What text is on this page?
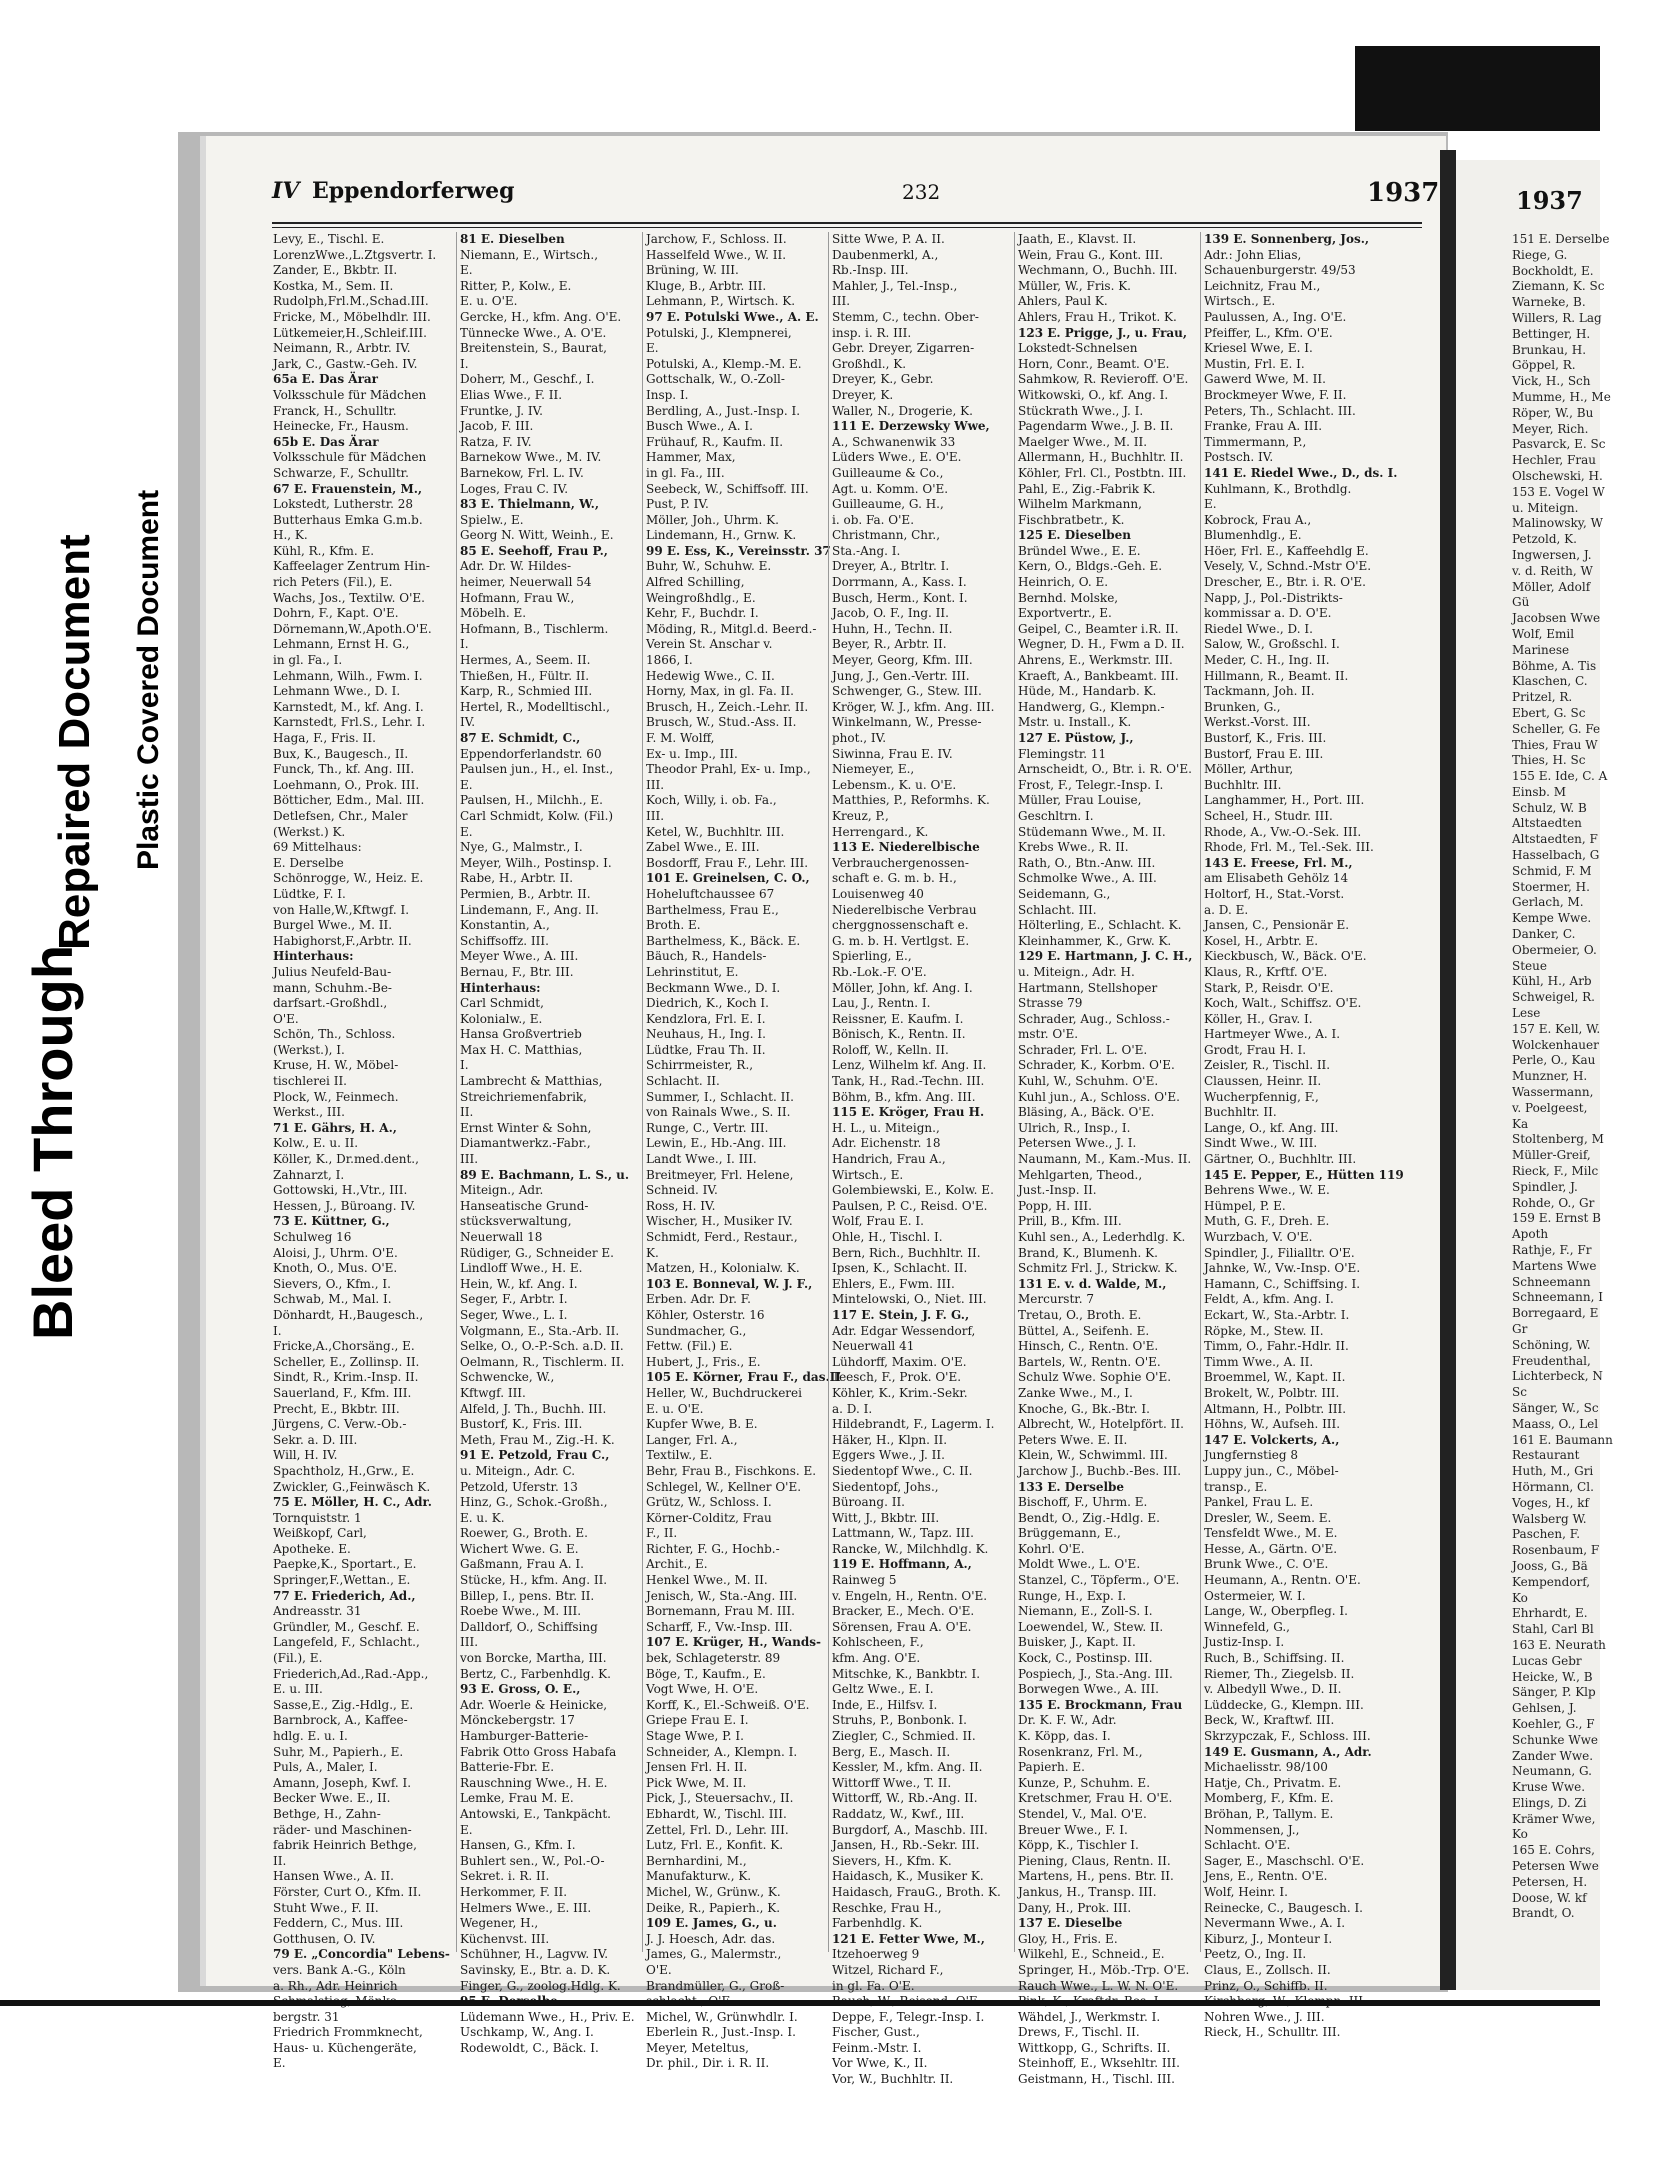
Bleed Through
Repaired Document Plastic Covered Document
IV Eppendorferweg	232	1937
Levy, E., Tischl. E.
LorenzWwe.,L.Ztgsvertr. I.
Zander, E., Bkbtr. II.
Kostka, M., Sem. II.
Rudolph,Frl.M.,Schad.III.
Fricke, M., Möbelhdlr. III.
Lütkemeier,H.,Schleif.III.
Neimann, R., Arbtr. IV.
Jark, C., Gastw.-Geh. IV.
65a E. Das Ärar
Volksschule für Mädchen
Franck, H., Schulltr.
Heinecke, Fr., Hausm.
65b E. Das Ärar
Volksschule für Mädchen
Schwarze, F., Schulltr.
67 E. Frauenstein, M.,
Lokstedt, Lutherstr. 28
Butterhaus Emka G.m.b.
H., K.
Kühl, R., Kfm. E.
Kaffeelager Zentrum Hin-
rich Peters (Fil.), E.
Wachs, Jos., Textilw. O'E.
Dohrn, F., Kapt. O'E.
Dörnemann,W.,Apoth.O'E.
Lehmann, Ernst H. G.,
in gl. Fa., I.
Lehmann, Wilh., Fwm. I.
Lehmann Wwe., D. I.
Karnstedt, M., kf. Ang. I.
Karnstedt, Frl.S., Lehr. I.
Haga, F., Fris. II.
Bux, K., Baugesch., II.
Funck, Th., kf. Ang. III.
Loehmann, O., Prok. III.
Bötticher, Edm., Mal. III.
Detlefsen, Chr., Maler
(Werkst.) K.
69 Mittelhaus:
E. Derselbe
Schönrogge, W., Heiz. E.
Lüdtke, F. I.
von Halle,W.,Kftwgf. I.
Burgel Wwe., M. II.
Habighorst,F.,Arbtr. II.
Hinterhaus:
Julius Neufeld-Bau-
mann, Schuhm.-Be-
darfsart.-Großhdl.,
O'E.
Schön, Th., Schloss.
(Werkst.), I.
Kruse, H. W., Möbel-
tischlerei II.
Plock, W., Feinmech.
Werkst., III.
71 E. Gährs, H. A.,
Kolw., E. u. II.
Köller, K., Dr.med.dent.,
Zahnarzt, I.
Gottowski, H.,Vtr., III.
Hessen, J., Büroang. IV.
73 E. Küttner, G.,
Schulweg 16
Aloisi, J., Uhrm. O'E.
Knoth, O., Mus. O'E.
Sievers, O., Kfm., I.
Schwab, M., Mal. I.
Dönhardt, H.,Baugesch.,
I.
Fricke,A.,Chorsäng., E.
Scheller, E., Zollinsp. II.
Sindt, R., Krim.-Insp. II.
Sauerland, F., Kfm. III.
Precht, E., Bkbtr. III.
Jürgens, C. Verw.-Ob.-
Sekr. a. D. III.
Will, H. IV.
Spachtholz, H.,Grw., E.
Zwickler, G.,Feinwäsch K.
75 E. Möller, H. C., Adr.
Tornquiststr. 1
Weißkopf, Carl,
Apotheke. E.
Paepke,K., Sportart., E.
Springer,F.,Wettan., E.
77 E. Friederich, Ad.,
Andreasstr. 31
Gründler, M., Geschf. E.
Langefeld, F., Schlacht.,
(Fil.), E.
Friederich,Ad.,Rad.-App.,
E. u. III.
Sasse,E., Zig.-Hdlg., E.
Barnbrock, A., Kaffee-
hdlg. E. u. I.
Suhr, M., Papierh., E.
Puls, A., Maler, I.
Amann, Joseph, Kwf. I.
Becker Wwe. E., II.
Bethge, H., Zahn-
räder- und Maschinen-
fabrik Heinrich Bethge,
II.
Hansen Wwe., A. II.
Förster, Curt O., Kfm. II.
Stuht Wwe., F. II.
Feddern, C., Mus. III.
Gotthusen, O. IV.
79 E. „Concordia" Lebens-
vers. Bank A.-G., Köln
a. Rh., Adr. Heinrich
bergstr. 31
Friedrich Frommknecht,
Haus- u. Küchengeräte,
E.
81 E. Dieselben
Niemann, E., Wirtsch.,
E.
Ritter, P., Kolw., E.
E. u. O'E.
Gercke, H., kfm. Ang. O'E.
Tünnecke Wwe., A. O'E.
Breitenstein, S., Baurat,
I.
Doherr, M., Geschf., I.
Elias Wwe., F. II.
Fruntke, J. IV.
Jacob, F. III.
Ratza, F. IV.
Barnekow Wwe., M. IV.
Barnekow, Frl. L. IV.
Loges, Frau C. IV.
83 E. Thielmann, W.,
Spielw., E.
Georg N. Witt, Weinh., E.
85 E. Seehoff, Frau P.,
Adr. Dr. W. Hildes-
heimer, Neuerwall 54
Hofmann, Frau W.,
Möbelh. E.
Hofmann, B., Tischlerm.
I.
Hermes, A., Seem. II.
Thießen, H., Fültr. II.
Karp, R., Schmied III.
Hertel, R., Modelltischl.,
IV.
87 E. Schmidt, C.,
Eppendorferlandstr. 60
Paulsen jun., H., el. Inst.,
E.
Paulsen, H., Milchh., E.
Carl Schmidt, Kolw. (Fil.)
E.
Nye, G., Malmstr., I.
Meyer, Wilh., Postinsp. I.
Rabe, H., Arbtr. II.
Permien, B., Arbtr. II.
Lindemann, F., Ang. II.
Konstantin, A.,
Schiffsoffz. III.
Meyer Wwe., A. III.
Bernau, F., Btr. III.
Hinterhaus:
Carl Schmidt,
Kolonialw., E.
Hansa Großvertrieb
Max H. C. Matthias,
I.
Lambrecht & Matthias,
Streichriemenfabrik,
II.
Ernst Winter & Sohn,
Diamantwerkz.-Fabr.,
III.
89 E. Bachmann, L. S., u.
Miteign., Adr.
Hanseatische Grund-
stücksverwaltung,
Neuerwall 18
Rüdiger, G., Schneider E.
Lindloff Wwe., H. E.
Hein, W., kf. Ang. I.
Seger, F., Arbtr. I.
Seger, Wwe., L. I.
Volgmann, E., Sta.-Arb. II.
Selke, O., O.-P.-Sch. a.D. II.
Oelmann, R., Tischlerm. II.
Schwencke, W.,
Kftwgf. III.
Alfeld, J. Th., Buchh. III.
Bustorf, K., Fris. III.
Meth, Frau M., Zig.-H. K.
91 E. Petzold, Frau C.,
u. Miteign., Adr. C.
Petzold, Uferstr. 13
Hinz, G., Schok.-Großh.,
E. u. K.
Roewer, G., Broth. E.
Wichert Wwe. G. E.
Gaßmann, Frau A. I.
Stücke, H., kfm. Ang. II.
Billep, I., pens. Btr. II.
Roebe Wwe., M. III.
Dalldorf, O., Schiffsing
III.
von Borcke, Martha, III.
Bertz, C., Farbenhdlg. K.
93 E. Gross, O. E.,
Adr. Woerle & Heinicke,
Mönckebergstr. 17
Hamburger-Batterie-
Fabrik Otto Gross Habafa
Batterie-Fbr. E.
Rauschning Wwe., H. E.
Lemke, Frau M. E.
Antowski, E., Tankpächt.
E.
Hansen, G., Kfm. I.
Buhlert sen., W., Pol.-O-
Sekret. i. R. II.
Herkommer, F. II.
Helmers Wwe., E. III.
Wegener, H.,
Küchenvst. III.
Schühner, H., Lagvw. IV.
Savinsky, E., Btr. a. D. K.
Finger, G., zoolog.Hdlg. K.
Lüdemann Wwe., H., Priv. E.
Uschkamp, W., Ang. I.
Rodewoldt, C., Bäck. I.
Jarchow, F., Schloss. II.
Hasselfeld Wwe., W. II.
Brüning, W. III.
Kluge, B., Arbtr. III.
Lehmann, P., Wirtsch. K.
97 E. Potulski Wwe., A. E.
Potulski, J., Klempnerei,
E.
Potulski, A., Klemp.-M. E.
Gottschalk, W., O.-Zoll-
Insp. I.
Berdling, A., Just.-Insp. I.
Busch Wwe., A. I.
Frühauf, R., Kaufm. II.
Hammer, Max,
in gl. Fa., III.
Seebeck, W., Schiffsoff. III.
Pust, P. IV.
Möller, Joh., Uhrm. K.
Lindemann, H., Grnw. K.
99 E. Ess, K., Vereinsstr. 37
Buhr, W., Schuhw. E.
Alfred Schilling,
Weingroßhdlg., E.
Kehr, F., Buchdr. I.
Möding, R., Mitgl.d. Beerd.-
Verein St. Anschar v.
1866, I.
Hedewig Wwe., C. II.
Horny, Max, in gl. Fa. II.
Brusch, H., Zeich.-Lehr. II.
Brusch, W., Stud.-Ass. II.
F. M. Wolff,
Ex- u. Imp., III.
Theodor Prahl, Ex- u. Imp.,
III.
Koch, Willy, i. ob. Fa.,
III.
Ketel, W., Buchhltr. III.
Zabel Wwe., E. III.
Bosdorff, Frau F., Lehr. III.
101 E. Greinelsen, C. O.,
Hoheluftchaussee 67
Barthelmess, Frau E.,
Broth. E.
Barthelmess, K., Bäck. E.
Bäuch, R., Handels-
Lehrinstitut, E.
Beckmann Wwe., D. I.
Diedrich, K., Koch I.
Kendzlora, Frl. E. I.
Neuhaus, H., Ing. I.
Lüdtke, Frau Th. II.
Schirrmeister, R.,
Schlacht. II.
Summer, I., Schlacht. II.
von Rainals Wwe., S. II.
Runge, C., Vertr. III.
Lewin, E., Hb.-Ang. III.
Landt Wwe., I. III.
Breitmeyer, Frl. Helene,
Schneid. IV.
Ross, H. IV.
Wischer, H., Musiker IV.
Schmidt, Ferd., Restaur.,
K.
Matzen, H., Kolonialw. K.
103 E. Bonneval, W. J. F.,
Erben. Adr. Dr. F.
Köhler, Osterstr. 16
Sundmacher, G.,
Fettw. (Fil.) E.
Hubert, J., Fris., E.
105 E. Körner, Frau F., das.II
Heller, W., Buchdruckerei
E. u. O'E.
Kupfer Wwe, B. E.
Langer, Frl. A.,
Textilw., E.
Behr, Frau B., Fischkons. E.
Schlegel, W., Kellner O'E.
Grütz, W., Schloss. I.
Körner-Colditz, Frau
F., II.
Richter, F. G., Hochb.-
Archit., E.
Henkel Wwe., M. II.
Jenisch, W., Sta.-Ang. III.
Bornemann, Frau M. III.
Scharff, F., Vw.-Insp. III.
107 E. Krüger, H., Wands-
bek, Schlageterstr. 89
Böge, T., Kaufm., E.
Vogt Wwe, H. O'E.
Korff, K., El.-Schweiß. O'E.
Griepe Frau E. I.
Stage Wwe, P. I.
Schneider, A., Klempn. I.
Jensen Frl. H. II.
Pick Wwe, M. II.
Pick, J., Steuersachv., II.
Ebhardt, W., Tischl. III.
Zettel, Frl. D., Lehr. III.
Lutz, Frl. E., Konfit. K.
Bernhardini, M.,
Manufakturw., K.
Michel, W., Grünw., K.
Deike, R., Papierh., K.
109 E. James, G., u.
J. J. Hoesch, Adr. das.
James, G., Malermstr.,
O'E.
Brandmüller, G., Groß-
Michel, W., Grünwhdlr. I.
Eberlein R., Just.-Insp. I.
Meyer, Meteltus,
Dr. phil., Dir. i. R. II.
Sitte Wwe, P. A. II.
Daubenmerkl, A.,
Rb.-Insp. III.
Mahler, J., Tel.-Insp.,
III.
Stemm, C., techn. Ober-
insp. i. R. III.
Gebr. Dreyer, Zigarren-
Großhdl., K.
Dreyer, K., Gebr.
Dreyer, K.
Waller, N., Drogerie, K.
111 E. Derzewsky Wwe,
A., Schwanenwik 33
Lüders Wwe., E. O'E.
Guilleaume & Co.,
Agt. u. Komm. O'E.
Guilleaume, G. H.,
i. ob. Fa. O'E.
Christmann, Chr.,
Sta.-Ang. I.
Dreyer, A., Btrltr. I.
Dorrmann, A., Kass. I.
Busch, Herm., Kont. I.
Jacob, O. F., Ing. II.
Huhn, H., Techn. II.
Beyer, R., Arbtr. II.
Meyer, Georg, Kfm. III.
Jung, J., Gen.-Vertr. III.
Schwenger, G., Stew. III.
Kröger, W. J., kfm. Ang. III.
Winkelmann, W., Presse-
phot., IV.
Siwinna, Frau E. IV.
Niemeyer, E.,
Lebensm., K. u. O'E.
Matthies, P., Reformhs. K.
Kreuz, P.,
Herrengard., K.
113 E. Niederelbische
Verbrauchergenossen-
schaft e. G. m. b. H.,
Louisenweg 40
Niederelbische Verbrau
cherggnossenschaft e.
G. m. b. H. Vertlgst. E.
Spierling, E.,
Rb.-Lok.-F. O'E.
Möller, John, kf. Ang. I.
Lau, J., Rentn. I.
Reissner, E. Kaufm. I.
Bönisch, K., Rentn. II.
Roloff, W., Kelln. II.
Lenz, Wilhelm kf. Ang. II.
Tank, H., Rad.-Techn. III.
Böhm, B., kfm. Ang. III.
115 E. Kröger, Frau H.
H. L., u. Miteign.,
Adr. Eichenstr. 18
Handrich, Frau A.,
Wirtsch., E.
Golembiewski, E., Kolw. E.
Paulsen, P. C., Reisd. O'E.
Wolf, Frau E. I.
Ohle, H., Tischl. I.
Bern, Rich., Buchhltr. II.
Ipsen, K., Schlacht. II.
Ehlers, E., Fwm. III.
Mintelowski, O., Niet. III.
117 E. Stein, J. F. G.,
Adr. Edgar Wessendorf,
Neuerwall 41
Lühdorff, Maxim. O'E.
Teesch, F., Prok. O'E.
Köhler, K., Krim.-Sekr.
a. D. I.
Hildebrandt, F., Lagerm. I.
Häker, H., Klpn. II.
Eggers Wwe., J. II.
Siedentopf Wwe., C. II.
Siedentopf, Johs.,
Büroang. II.
Witt, J., Bkbtr. III.
Lattmann, W., Tapz. III.
Rancke, W., Milchhdlg. K.
119 E. Hoffmann, A.,
Rainweg 5
v. Engeln, H., Rentn. O'E.
Bracker, E., Mech. O'E.
Sörensen, Frau A. O'E.
Kohlscheen, F.,
kfm. Ang. O'E.
Mitschke, K., Bankbtr. I.
Geltz Wwe., E. I.
Inde, E., Hilfsv. I.
Struhs, P., Bonbonk. I.
Ziegler, C., Schmied. II.
Berg, E., Masch. II.
Kessler, M., kfm. Ang. II.
Wittorff Wwe., T. II.
Wittorff, W., Rb.-Ang. II.
Raddatz, W., Kwf., III.
Burgdorf, A., Maschb. III.
Jansen, H., Rb.-Sekr. III.
Sievers, H., Kfm. K.
Haidasch, K., Musiker K.
Haidasch, FrauG., Broth. K.
Reschke, Frau H.,
Farbenhdlg. K.
121 E. Fetter Wwe, M.,
Itzehoerweg 9
Witzel, Richard F.,
in gl. Fa. O'E.
Deppe, F., Telegr.-Insp. I.
Fischer, Gust.,
Feinm.-Mstr. I.
Vor Wwe, K., II.
Vor, W., Buchhltr. II.
Jaath, E., Klavst. II.
Wein, Frau G., Kont. III.
Wechmann, O., Buchh. III.
Müller, W., Fris. K.
Ahlers, Paul K.
Ahlers, Frau H., Trikot. K.
123 E. Prigge, J., u. Frau,
Lokstedt-Schnelsen
Horn, Conr., Beamt. O'E.
Sahmkow, R. Revieroff. O'E.
Witkowski, O., kf. Ang. I.
Stückrath Wwe., J. I.
Pagendarm Wwe., J. B. II.
Maelger Wwe., M. II.
Allermann, H., Buchhltr. II.
Köhler, Frl. Cl., Postbtn. III.
Pahl, E., Zig.-Fabrik K.
Wilhelm Markmann,
Fischbratbetr., K.
125 E. Dieselben
Bründel Wwe., E. E.
Kern, O., Bldgs.-Geh. E.
Heinrich, O. E.
Bernhd. Molske,
Exportvertr., E.
Geipel, C., Beamter i.R. II.
Wegner, D. H., Fwm a D. II.
Ahrens, E., Werkmstr. III.
Kraeft, A., Bankbeamt. III.
Hüde, M., Handarb. K.
Handwerg, G., Klempn.-
Mstr. u. Install., K.
127 E. Püstow, J.,
Flemingstr. 11
Arnscheidt, O., Btr. i. R. O'E.
Frost, F., Telegr.-Insp. I.
Müller, Frau Louise,
Geschltrn. I.
Stüdemann Wwe., M. II.
Krebs Wwe., R. II.
Rath, O., Btn.-Anw. III.
Schmolke Wwe., A. III.
Seidemann, G.,
Schlacht. III.
Hölterling, E., Schlacht. K.
Kleinhammer, K., Grw. K.
129 E. Hartmann, J. C. H.,
u. Miteign., Adr. H.
Hartmann, Stellshoper
Strasse 79
Schrader, Aug., Schloss.-
mstr. O'E.
Schrader, Frl. L. O'E.
Schrader, K., Korbm. O'E.
Kuhl, W., Schuhm. O'E.
Kuhl jun., A., Schloss. O'E.
Bläsing, A., Bäck. O'E.
Ulrich, R., Insp., I.
Petersen Wwe., J. I.
Naumann, M., Kam.-Mus. II.
Mehlgarten, Theod.,
Just.-Insp. II.
Popp, H. III.
Prill, B., Kfm. III.
Kuhl sen., A., Lederhdlg. K.
Brand, K., Blumenh. K.
Schmitz Frl. J., Strickw. K.
131 E. v. d. Walde, M.,
Mercurstr. 7
Tretau, O., Broth. E.
Büttel, A., Seifenh. E.
Hinsch, C., Rentn. O'E.
Bartels, W., Rentn. O'E.
Schulz Wwe. Sophie O'E.
Zanke Wwe., M., I.
Knoche, G., Bk.-Btr. I.
Albrecht, W., Hotelpfört. II.
Peters Wwe. E. II.
Klein, W., Schwimml. III.
Jarchow J., Buchb.-Bes. III.
133 E. Derselbe
Bischoff, F., Uhrm. E.
Bendt, O., Zig.-Hdlg. E.
Brüggemann, E.,
Kohrl. O'E.
Moldt Wwe., L. O'E.
Stanzel, C., Töpferm., O'E.
Runge, H., Exp. I.
Niemann, E., Zoll-S. I.
Loewendel, W., Stew. II.
Buisker, J., Kapt. II.
Kock, C., Postinsp. III.
Pospiech, J., Sta.-Ang. III.
Borwegen Wwe., A. III.
135 E. Brockmann, Frau
Dr. K. F. W., Adr.
K. Köpp, das. I.
Rosenkranz, Frl. M.,
Papierh. E.
Kunze, P., Schuhm. E.
Kretschmer, Frau H. O'E.
Stendel, V., Mal. O'E.
Breuer Wwe., F. I.
Köpp, K., Tischler I.
Piening, Claus, Rentn. II.
Martens, H., pens. Btr. II.
Jankus, H., Transp. III.
Dany, H., Prok. III.
137 E. Dieselbe
Gloy, H., Fris. E.
Wilkehl, E., Schneid., E.
Springer, H., Möb.-Trp. O'E.
Rauch Wwe., L. W. N. O'E.
Wähdel, J., Werkmstr. I.
Drews, F., Tischl. II.
Wittkopp, G., Schrifts. II.
Steinhoff, E., Wksehltr. III.
Geistmann, H., Tischl. III.
139 E. Sonnenberg, Jos.,
Adr.: John Elias,
Schauenburgerstr. 49/53
Leichnitz, Frau M.,
Wirtsch., E.
Paulussen, A., Ing. O'E.
Pfeiffer, L., Kfm. O'E.
Kriesel Wwe, E. I.
Mustin, Frl. E. I.
Gawerd Wwe, M. II.
Brockmeyer Wwe, F. II.
Peters, Th., Schlacht. III.
Franke, Frau A. III.
Timmermann, P.,
Postsch. IV.
141 E. Riedel Wwe., D., ds. I.
Kuhlmann, K., Brothdlg.
E.
Kobrock, Frau A.,
Blumenhdlg., E.
Höer, Frl. E., Kaffeehdlg E.
Vesely, V., Schnd.-Mstr O'E.
Drescher, E., Btr. i. R. O'E.
Napp, J., Pol.-Distrikts-
kommissar a. D. O'E.
Riedel Wwe., D. I.
Salow, W., Großschl. I.
Meder, C. H., Ing. II.
Hillmann, R., Beamt. II.
Tackmann, Joh. II.
Brunken, G.,
Werkst.-Vorst. III.
Bustorf, K., Fris. III.
Bustorf, Frau E. III.
Möller, Arthur,
Buchhltr. III.
Langhammer, H., Port. III.
Scheel, H., Studr. III.
Rhode, A., Vw.-O.-Sek. III.
Rhode, Frl. M., Tel.-Sek. III.
143 E. Freese, Frl. M.,
am Elisabeth Gehölz 14
Holtorf, H., Stat.-Vorst.
a. D. E.
Jansen, C., Pensionär E.
Kosel, H., Arbtr. E.
Kieckbusch, W., Bäck. O'E.
Klaus, R., Krftf. O'E.
Stark, P., Reisdr. O'E.
Koch, Walt., Schiffsz. O'E.
Köller, H., Grav. I.
Hartmeyer Wwe., A. I.
Grodt, Frau H. I.
Zeisler, R., Tischl. II.
Claussen, Heinr. II.
Wucherpfennig, F.,
Buchhltr. II.
Lange, O., kf. Ang. III.
Sindt Wwe., W. III.
Gärtner, O., Buchhltr. III.
145 E. Pepper, E., Hütten 119
Behrens Wwe., W. E.
Hümpel, P. E.
Muth, G. F., Dreh. E.
Wurzbach, V. O'E.
Spindler, J., Filialltr. O'E.
Jahnke, W., Vw.-Insp. O'E.
Hamann, C., Schiffsing. I.
Feldt, A., kfm. Ang. I.
Eckart, W., Sta.-Arbtr. I.
Röpke, M., Stew. II.
Timm, O., Fahr.-Hdlr. II.
Timm Wwe., A. II.
Broemmel, W., Kapt. II.
Brokelt, W., Polbtr. III.
Altmann, H., Polbtr. III.
Höhns, W., Aufseh. III.
147 E. Volckerts, A.,
Jungfernstieg 8
Luppy jun., C., Möbel-
transp., E.
Pankel, Frau L. E.
Dresler, W., Seem. E.
Tensfeldt Wwe., M. E.
Hesse, A., Gärtn. O'E.
Brunk Wwe., C. O'E.
Heumann, A., Rentn. O'E.
Ostermeier, W. I.
Lange, W., Oberpfleg. I.
Winnefeld, G.,
Justiz-Insp. I.
Ruch, B., Schiffsing. II.
Riemer, Th., Ziegelsb. II.
v. Albedyll Wwe., D. II.
Lüddecke, G., Klempn. III.
Beck, W., Kraftwf. III.
Skrzypczak, F., Schloss. III.
149 E. Gusmann, A., Adr.
Michaelisstr. 98/100
Hatje, Ch., Privatm. E.
Momberg, F., Kfm. E.
Bröhan, P., Tallym. E.
Nommensen, J.,
Schlacht. O'E.
Sager, E., Maschschl. O'E.
Jens, E., Rentn. O'E.
Wolf, Heinr. I.
Reinecke, C., Baugesch. I.
Nevermann Wwe., A. I.
Kiburz, J., Monteur I.
Peetz, O., Ing. II.
Claus, E., Zollsch. II.
Prinz, O., Schiffb. II.
Nohren Wwe., J. III.
Rieck, H., Schulltr. III.
1937
151 E. Derselbe
Riege, G.
Bockholdt, E.
Ziemann, K. Sc
Warneke, B.
Willers, R. Lag
Bettinger, H.
Brunkau, H.
Göppel, R.
Vick, H., Sch
Mumme, H., Me
Röper, W., Bu
Meyer, Rich.
Pasvarck, E. Sc
Hechler, Frau
Olschewski, H.
153 E. Vogel W
u. Miteign.
Malinowsky, W
Petzold, K.
Ingwersen, J.
v. d. Reith, W
Möller, Adolf
Gü
Jacobsen Wwe
Wolf, Emil
Marinese
Böhme, A. Tis
Klaschen, C.
Pritzel, R.
Ebert, G. Sc
Scheller, G. Fe
Thies, Frau W
Thies, H. Sc
155 E. Ide, C. A
Einsb. M
Schulz, W. B
Altstaedten
Altstaedten, F
Hasselbach, G
Schmid, F. M
Stoermer, H.
Gerlach, M.
Kempe Wwe.
Danker, C.
Obermeier, O.
Steue
Kühl, H., Arb
Schweigel, R.
Lese
157 E. Kell, W.
Wolckenhauer
Perle, O., Kau
Munzner, H.
Wassermann,
v. Poelgeest,
Ka
Stoltenberg, M
Müller-Greif,
Rieck, F., Milc
Spindler, J.
Rohde, O., Gr
159 E. Ernst B
Apoth
Rathje, F., Fr
Martens Wwe
Schneemann
Schneemann, I
Borregaard, E
Gr
Schöning, W.
Freudenthal,
Lichterbeck, N
Sc
Sänger, W., Sc
Maass, O., Lel
161 E. Baumann
Restaurant
Huth, M., Gri
Hörmann, Cl.
Voges, H., kf
Walsberg W.
Paschen, F.
Rosenbaum, F
Jooss, G., Bä
Kempendorf,
Ko
Ehrhardt, E.
Stahl, Carl Bl
163 E. Neurath
Lucas Gebr
Heicke, W., B
Sänger, P. Klp
Gehlsen, J.
Koehler, G., F
Schunke Wwe
Zander Wwe.
Neumann, G.
Kruse Wwe.
Elings, D. Zi
Krämer Wwe,
Ko
165 E. Cohrs,
Petersen Wwe
Petersen, H.
Doose, W. kf
Brandt, O.
